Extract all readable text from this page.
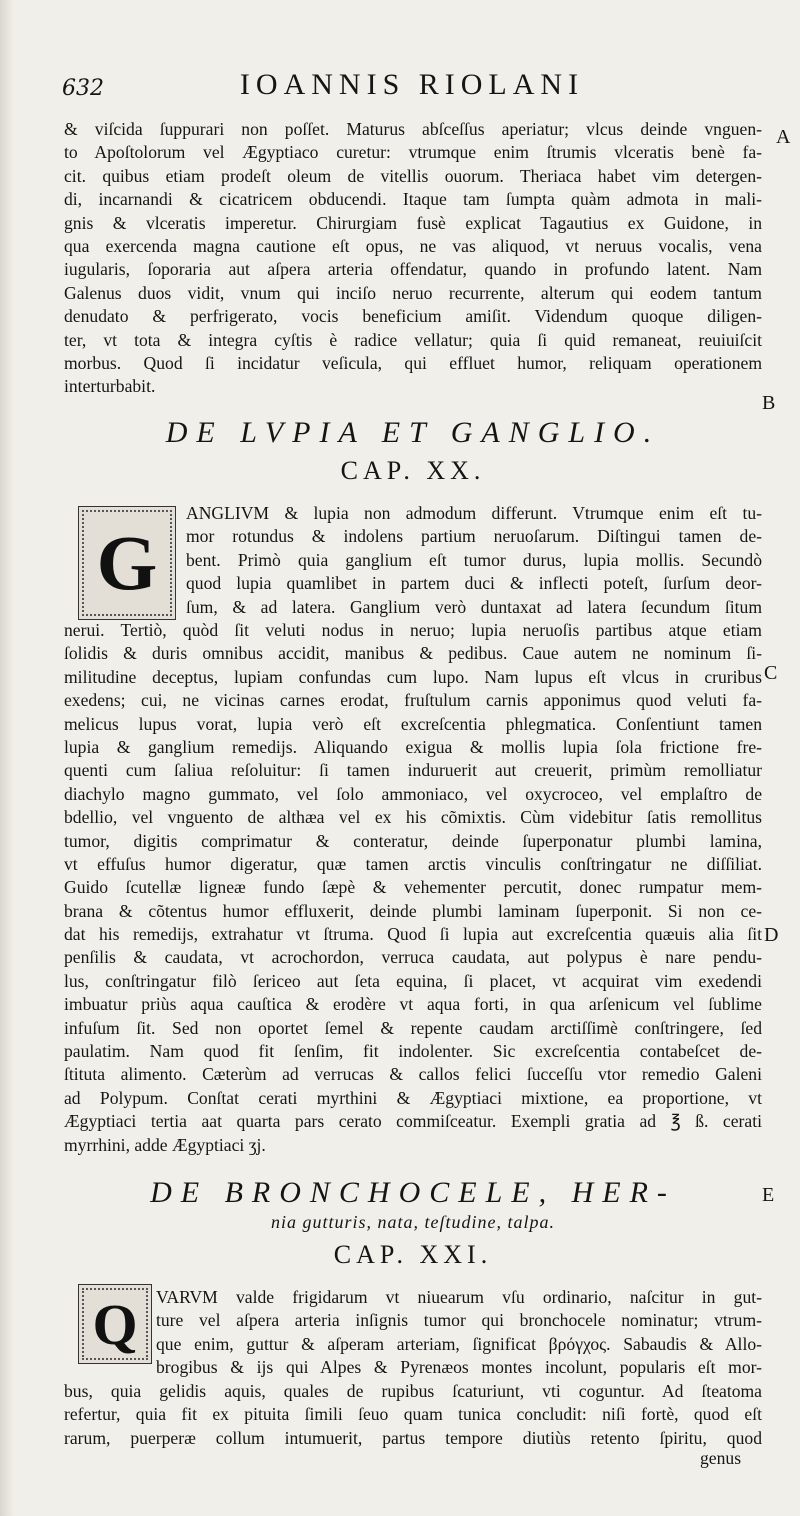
632	IOANNIS RIOLANI
& viſcida ſuppurari non poſſet. Maturus abſceſſus aperiatur; vlcus deinde vnguen-
to Apoſtolorum vel Ægyptiaco curetur: vtrumque enim ſtrumis vlceratis benè fa-
cit. quibus etiam prodeſt oleum de vitellis ouorum. Theriaca habet vim detergen-
di, incarnandi & cicatricem obducendi. Itaque tam ſumpta quàm admota in mali-
gnis & vlceratis imperetur. Chirurgiam fusè explicat Tagautius ex Guidone, in
qua exercenda magna cautione eſt opus, ne vas aliquod, vt neruus vocalis, vena
iugularis, ſoporaria aut aſpera arteria offendatur, quando in profundo latent. Nam
Galenus duos vidit, vnum qui inciſo neruo recurrente, alterum qui eodem tantum
denudato & perfrigerato, vocis beneficium amiſit. Videndum quoque diligen-
ter, vt tota & integra cyſtis è radice vellatur; quia ſi quid remaneat, reuiuiſcit
morbus. Quod ſi incidatur veſicula, qui effluet humor, reliquam operationem
interturbabit.
A
B
C
D
E
DE LVPIA ET GANGLIO.
CAP. XX.
G
ANGLIVM & lupia non admodum differunt. Vtrumque enim eſt tu-
mor rotundus & indolens partium neruoſarum. Diſtingui tamen de-
bent. Primò quia ganglium eſt tumor durus, lupia mollis. Secundò
quod lupia quamlibet in partem duci & inflecti poteſt, ſurſum deor-
ſum, & ad latera. Ganglium verò duntaxat ad latera ſecundum ſitum
nerui. Tertiò, quòd ſit veluti nodus in neruo; lupia neruoſis partibus atque etiam
ſolidis & duris omnibus accidit, manibus & pedibus. Caue autem ne nominum ſi-
militudine deceptus, lupiam confundas cum lupo. Nam lupus eſt vlcus in cruribus
exedens; cui, ne vicinas carnes erodat, fruſtulum carnis apponimus quod veluti fa-
melicus lupus vorat, lupia verò eſt excreſcentia phlegmatica. Conſentiunt tamen
lupia & ganglium remedijs. Aliquando exigua & mollis lupia ſola frictione fre-
quenti cum ſaliua reſoluitur: ſi tamen induruerit aut creuerit, primùm remolliatur
diachylo magno gummato, vel ſolo ammoniaco, vel oxycroceo, vel emplaſtro de
bdellio, vel vnguento de althæa vel ex his cõmixtis. Cùm videbitur ſatis remollitus
tumor, digitis comprimatur & conteratur, deinde ſuperponatur plumbi lamina,
vt effuſus humor digeratur, quæ tamen arctis vinculis conſtringatur ne diſſiliat.
Guido ſcutellæ ligneæ fundo ſæpè & vehementer percutit, donec rumpatur mem-
brana & cõtentus humor effluxerit, deinde plumbi laminam ſuperponit. Si non ce-
dat his remedijs, extrahatur vt ſtruma. Quod ſi lupia aut excreſcentia quæuis alia ſit
penſilis & caudata, vt acrochordon, verruca caudata, aut polypus è nare pendu-
lus, conſtringatur filò ſericeo aut ſeta equina, ſi placet, vt acquirat vim exedendi
imbuatur priùs aqua cauſtica & erodère vt aqua forti, in qua arſenicum vel ſublime
infuſum ſit. Sed non oportet ſemel & repente caudam arctiſſimè conſtringere, ſed
paulatim. Nam quod fit ſenſim, fit indolenter. Sic excreſcentia contabeſcet de-
ſtituta alimento. Cæterùm ad verrucas & callos felici ſucceſſu vtor remedio Galeni
ad Polypum. Conſtat cerati myrthini & Ægyptiaci mixtione, ea proportione, vt
Ægyptiaci tertia aat quarta pars cerato commiſceatur. Exempli gratia ad ℥ ß. cerati
myrrhini, adde Ægyptiaci ʒj.
DE BRONCHOCELE, HER-
nia gutturis, nata, teſtudine, talpa.
CAP. XXI.
Q VARVM valde frigidarum vt niuearum vſu ordinario, naſcitur in gut-
ture vel aſpera arteria inſignis tumor qui bronchocele nominatur; vtrum-
que enim, guttur & aſperam arteriam, ſignificat βρόγχος. Sabaudis & Allo-
brogibus & ijs qui Alpes & Pyrenæos montes incolunt, popularis eſt mor-
bus, quia gelidis aquis, quales de rupibus ſcaturiunt, vti coguntur. Ad ſteatoma
refertur, quia fit ex pituita ſimili ſeuo quam tunica concludit: niſi fortè, quod eſt
rarum, puerperæ collum intumuerit, partus tempore diutiùs retento ſpiritu, quod
genus
